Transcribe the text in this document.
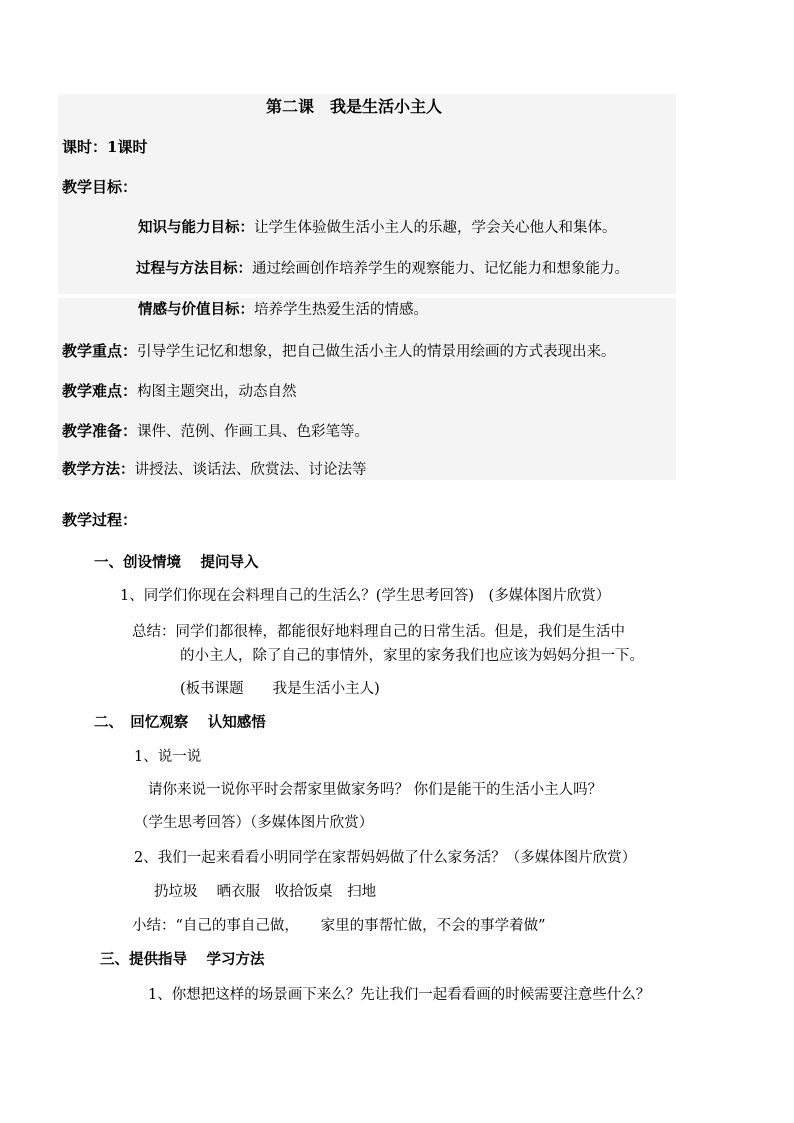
第二课　我是生活小主人
课时：1课时
教学目标：
知识与能力目标：让学生体验做生活小主人的乐趣，学会关心他人和集体。
过程与方法目标：通过绘画创作培养学生的观察能力、记忆能力和想象能力。
情感与价值目标：培养学生热爱生活的情感。
教学重点：引导学生记忆和想象，把自己做生活小主人的情景用绘画的方式表现出来。
教学难点：构图主题突出，动态自然
教学准备：课件、范例、作画工具、色彩笔等。
教学方法：讲授法、谈话法、欣赏法、讨论法等
教学过程：
一、创设情境　 提问导入
1、同学们你现在会料理自己的生活么？(学生思考回答)　(多媒体图片欣赏）
总结：同学们都很棒，都能很好地料理自己的日常生活。但是，我们是生活中
的小主人，除了自己的事情外，家里的家务我们也应该为妈妈分担一下。
(板书课题　　我是生活小主人)
二、　回忆观察　 认知感悟
1、说一说
请你来说一说你平时会帮家里做家务吗？ 你们是能干的生活小主人吗？
（学生思考回答）（多媒体图片欣赏）
2、我们一起来看看小明同学在家帮妈妈做了什么家务活？（多媒体图片欣赏）
扔垃圾　 晒衣服　收拾饭桌　扫地
小结：“自己的事自己做，　　家里的事帮忙做，不会的事学着做”
三、提供指导　 学习方法
1、你想把这样的场景画下来么？先让我们一起看看画的时候需要注意些什么？
